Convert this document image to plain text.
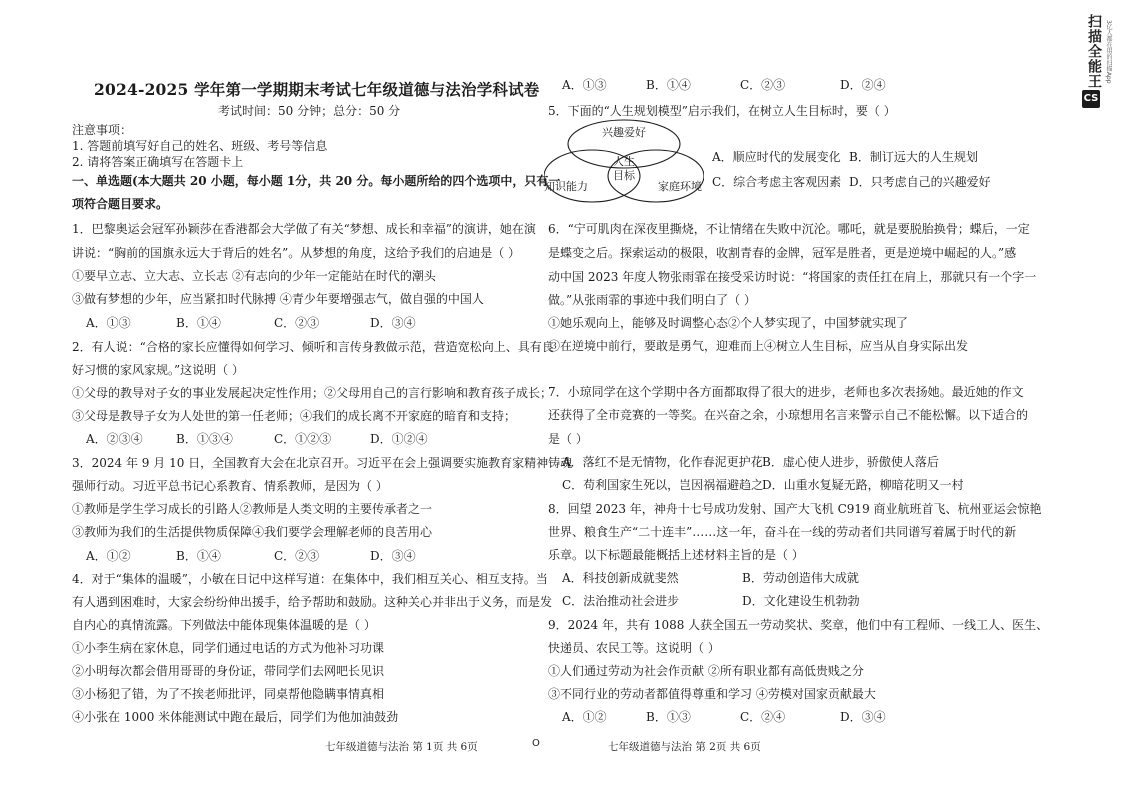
2024-2025 学年第一学期期末考试七年级道德与法治学科试卷
考试时间：50 分钟；总分：50 分
注意事项：
1. 答题前填写好自己的姓名、班级、考号等信息
2. 请将答案正确填写在答题卡上
一、单选题(本大题共 20 小题，每小题 1分，共 20 分。每小题所给的四个选项中，只有一
项符合题目要求。
1．巴黎奥运会冠军孙颖莎在香港都会大学做了有关“梦想、成长和幸福”的演讲，她在演
讲说：“胸前的国旗永远大于背后的姓名”。从梦想的角度，这给予我们的启迪是（ ）
①要早立志、立大志、立长志 ②有志向的少年一定能站在时代的潮头
③做有梦想的少年，应当紧扣时代脉搏 ④青少年要增强志气，做自强的中国人
A．①③	B．①④	C．②③	D．③④
2．有人说：“合格的家长应懂得如何学习、倾听和言传身教做示范，营造宽松向上、具有良
好习惯的家风家规。”这说明（ ）
①父母的教导对子女的事业发展起决定性作用；②父母用自己的言行影响和教育孩子成长；
③父母是教导子女为人处世的第一任老师；④我们的成长离不开家庭的暗育和支持；
A．②③④	B．①③④	C．①②③	D．①②④
3．2024 年 9 月 10 日，全国教育大会在北京召开。习近平在会上强调要实施教育家精神铸魂
强师行动。习近平总书记心系教育、情系教师，是因为（ ）
①教师是学生学习成长的引路人②教师是人类文明的主要传承者之一
③教师为我们的生活提供物质保障④我们要学会理解老师的良苦用心
A．①②	B．①④	C．②③	D．③④
4．对于“集体的温暖”，小敏在日记中这样写道：在集体中，我们相互关心、相互支持。当
有人遇到困难时，大家会纷纷伸出援手，给予帮助和鼓励。这种关心并非出于义务，而是发
自内心的真情流露。下列做法中能体现集体温暖的是（ ）
①小李生病在家休息，同学们通过电话的方式为他补习功课
②小明每次都会借用哥哥的身份证，带同学们去网吧长见识
③小杨犯了错，为了不挨老师批评，同桌帮他隐瞒事情真相
④小张在 1000 米体能测试中跑在最后，同学们为他加油鼓劲
七年级道德与法治 第 1页 共 6页	O
A．①③	B．①④	C．②③	D．②④
5．下面的“人生规划模型”启示我们，在树立人生目标时，要（ ）
兴趣爱好
知识能力	家庭环境
人生
目标
A．顺应时代的发展变化 B．制订远大的人生规划
C．综合考虑主客观因素 D．只考虑自己的兴趣爱好
6．“宁可肌肉在深夜里撕烧，不让情绪在失败中沉沦。哪吒，就是要脱胎换骨；蝶后，一定
是蝶变之后。探索运动的极限，收割青春的金牌，冠军是胜者，更是逆境中崛起的人。”感
动中国 2023 年度人物张雨霏在接受采访时说：“将国家的责任扛在肩上，那就只有一个字一
做。”从张雨霏的事迹中我们明白了（ ）
①她乐观向上，能够及时调整心态②个人梦实现了，中国梦就实现了
③在逆境中前行，要敢是勇气，迎难而上④树立人生目标，应当从自身实际出发
7．小琼同学在这个学期中各方面都取得了很大的进步，老师也多次表扬她。最近她的作文
还获得了全市竞赛的一等奖。在兴奋之余，小琼想用名言来警示自己不能松懈。以下适合的
是（ ）
A．落红不是无情物，化作春泥更护花 B．虚心使人进步，骄傲使人落后
C．苟利国家生死以，岂因祸福避趋之
D．山重水复疑无路，柳暗花明又一村
8．回望 2023 年，神舟十七号成功发射、国产大飞机 C919 商业航班首飞、杭州亚运会惊艳
世界、粮食生产“二十连丰”……这一年，奋斗在一线的劳动者们共同谱写着属于时代的新
乐章。以下标题最能概括上述材料主旨的是（ ）
A．科技创新成就斐然	B．劳动创造伟大成就
C．法治推动社会进步	D．文化建设生机勃勃
9．2024 年，共有 1088 人获全国五一劳动奖状、奖章，他们中有工程师、一线工人、医生、
快递员、农民工等。这说明（ ）
①人们通过劳动为社会作贡献 ②所有职业都有高低贵贱之分
③不同行业的劳动者都值得尊重和学习 ④劳模对国家贡献最大
A．①②	B．①③	C．②④	D．③④
七年级道德与法治 第 2页 共 6页
扫描全能王 3亿人都在用的扫描App
CS
